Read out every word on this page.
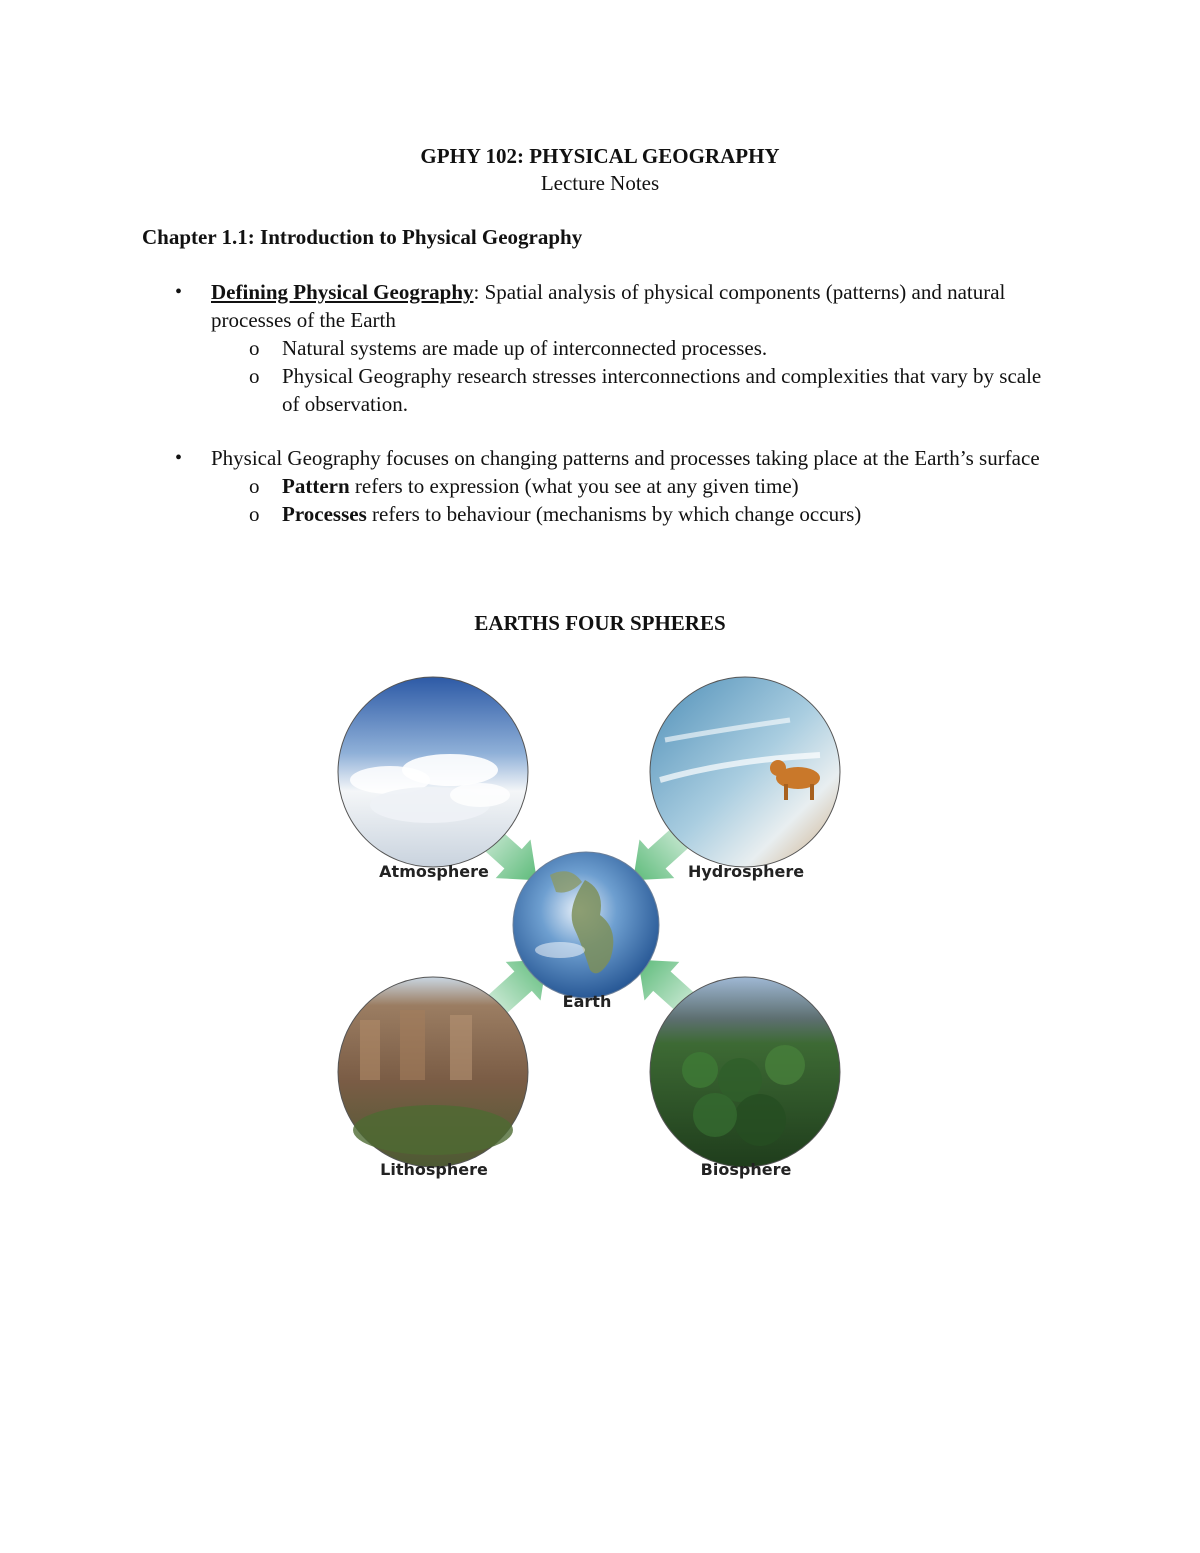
GPHY 102: PHYSICAL GEOGRAPHY

Lecture Notes

Chapter 1.1: Introduction to Physical Geography
• Defining Physical Geography: Spatial analysis of physical components (patterns) and natural processes of the Earth
o Natural systems are made up of interconnected processes.
o Physical Geography research stresses interconnections and complexities that vary by scale of observation.
• Physical Geography focuses on changing patterns and processes taking place at the Earth’s surface
o Pattern refers to expression (what you see at any given time)
o Processes refers to behaviour (mechanisms by which change occurs)
EARTHS FOUR SPHERES
Atmosphere	Hydrosphere
Earth
Lithosphere	Biosphere
